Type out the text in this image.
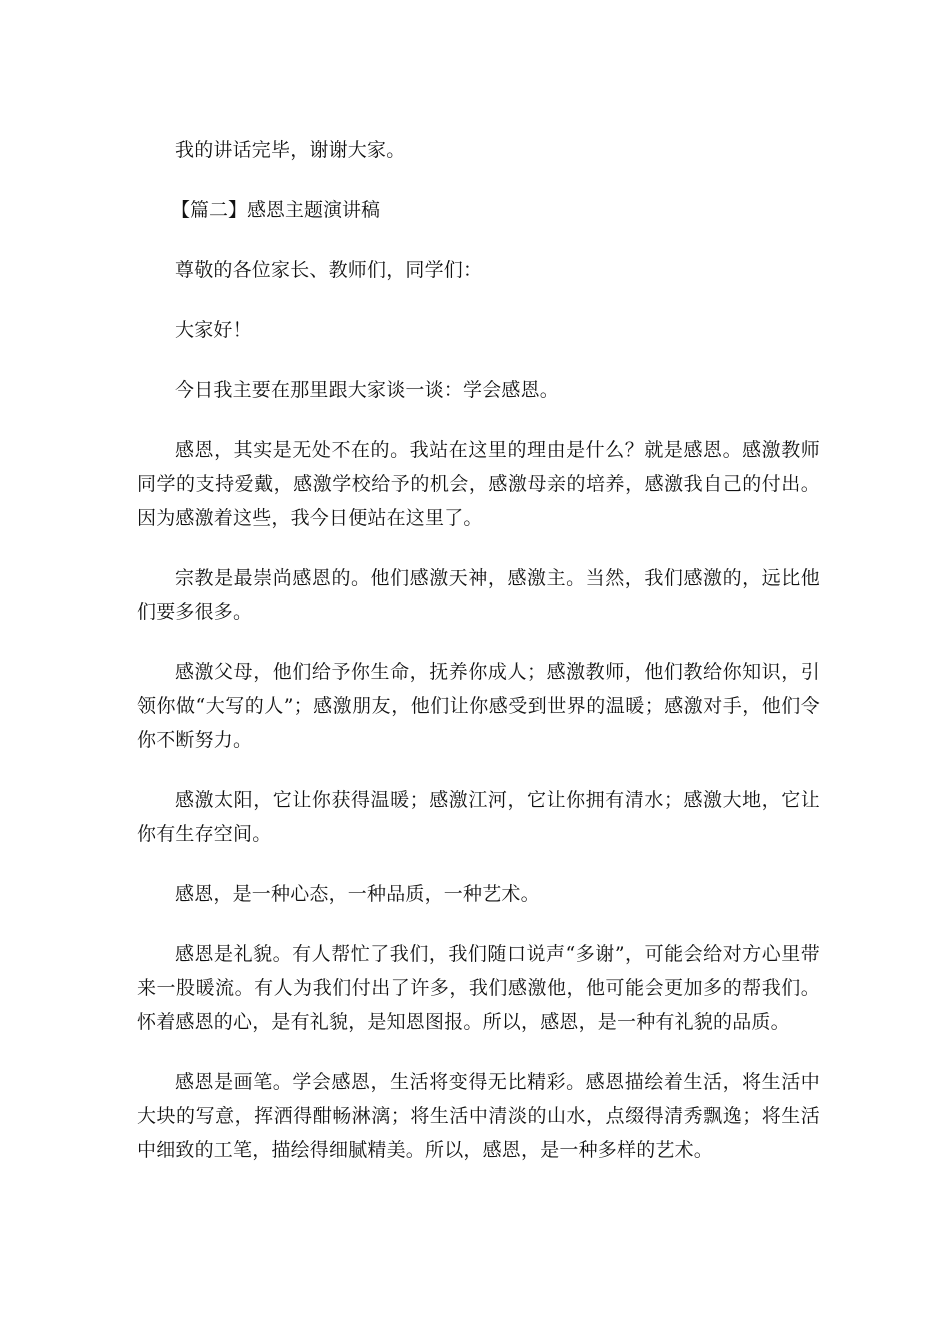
我的讲话完毕，谢谢大家。

【篇二】感恩主题演讲稿

尊敬的各位家长、教师们，同学们：

大家好！

今日我主要在那里跟大家谈一谈：学会感恩。

感恩，其实是无处不在的。我站在这里的理由是什么？就是感恩。感激教师同学的支持爱戴，感激学校给予的机会，感激母亲的培养，感激我自己的付出。因为感激着这些，我今日便站在这里了。

宗教是最崇尚感恩的。他们感激天神，感激主。当然，我们感激的，远比他们要多很多。

感激父母，他们给予你生命，抚养你成人；感激教师，他们教给你知识，引领你做“大写的人”；感激朋友，他们让你感受到世界的温暖；感激对手，他们令你不断努力。

感激太阳，它让你获得温暖；感激江河，它让你拥有清水；感激大地，它让你有生存空间。

感恩，是一种心态，一种品质，一种艺术。

感恩是礼貌。有人帮忙了我们，我们随口说声“多谢”，可能会给对方心里带来一股暖流。有人为我们付出了许多，我们感激他，他可能会更加多的帮我们。怀着感恩的心，是有礼貌，是知恩图报。所以，感恩，是一种有礼貌的品质。

感恩是画笔。学会感恩，生活将变得无比精彩。感恩描绘着生活，将生活中大块的写意，挥洒得酣畅淋漓；将生活中清淡的山水，点缀得清秀飘逸；将生活中细致的工笔，描绘得细腻精美。所以，感恩，是一种多样的艺术。
